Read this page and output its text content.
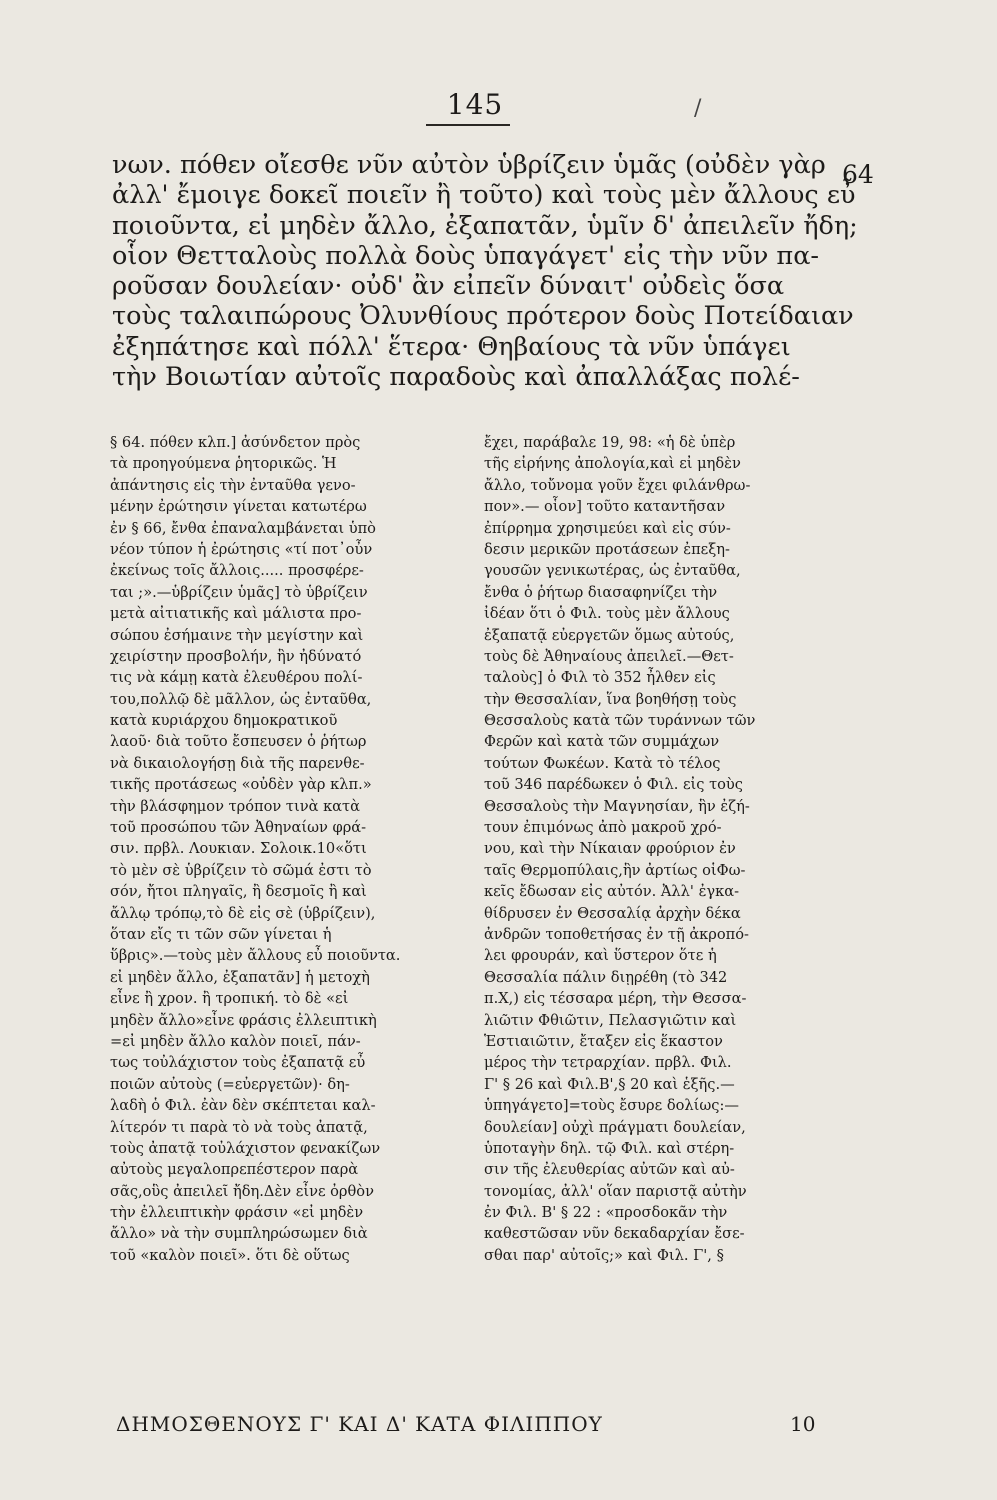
145	/
νων. πόθεν οἴεσθε νῦν αὐτὸν ὑβρίζειν ὑμᾶς (οὐδὲν γὰρ
ἀλλ' ἔμοιγε δοκεῖ ποιεῖν ἢ τοῦτο) καὶ τοὺς μὲν ἄλλους εὖ
ποιοῦντα, εἰ μηδὲν ἄλλο, ἐξαπατᾶν, ὑμῖν δ' ἀπειλεῖν ἤδη;
οἷον Θετταλοὺς πολλὰ δοὺς ὑπαγάγετ' εἰς τὴν νῦν πα-
ροῦσαν δουλείαν· οὐδ' ἂν εἰπεῖν δύναιτ' οὐδεὶς ὅσα
τοὺς ταλαιπώρους Ὀλυνθίους πρότερον δοὺς Ποτείδαιαν
ἐξηπάτησε καὶ πόλλ' ἕτερα· Θηβαίους τὰ νῦν ὑπάγει
τὴν Βοιωτίαν αὐτοῖς παραδοὺς καὶ ἀπαλλάξας πολέ-
64
§ 64. πόθεν κλπ.] ἀσύνδετον πρὸς
τὰ προηγούμενα ῥητορικῶς. Ἡ
ἀπάντησις εἰς τὴν ἐνταῦθα γενο-
μένην ἐρώτησιν γίνεται κατωτέρω
ἐν § 66, ἔνθα ἐπαναλαμβάνεται ὑπὸ
νέον τύπον ἡ ἐρώτησις «τί ποτ᾽οὖν
ἐκείνως τοῖς ἄλλοις..... προσφέρε-
ται ;».—ὑβρίζειν ὑμᾶς] τὸ ὑβρίζειν
μετὰ αἰτιατικῆς καὶ μάλιστα προ-
σώπου ἐσήμαινε τὴν μεγίστην καὶ
χειρίστην προσβολήν, ἣν ἠδύνατό
τις νὰ κάμῃ κατὰ ἐλευθέρου πολί-
του,πολλῷ δὲ μᾶλλον, ὡς ἐνταῦθα,
κατὰ κυριάρχου δημοκρατικοῦ
λαοῦ· διὰ τοῦτο ἔσπευσεν ὁ ῥήτωρ
νὰ δικαιολογήσῃ διὰ τῆς παρενθε-
τικῆς προτάσεως «οὐδὲν γὰρ κλπ.»
τὴν βλάσφημον τρόπον τινὰ κατὰ
τοῦ προσώπου τῶν Ἀθηναίων φρά-
σιν. πρβλ. Λουκιαν. Σολοικ.10«ὅτι
τὸ μὲν σὲ ὑβρίζειν τὸ σῶμά ἐστι τὸ
σόν, ἤτοι πληγαῖς, ἢ δεσμοῖς ἢ καὶ
ἄλλῳ τρόπῳ,τὸ δὲ εἰς σὲ (ὑβρίζειν),
ὅταν εἴς τι τῶν σῶν γίνεται ἡ
ὕβρις».—τοὺς μὲν ἄλλους εὖ ποιοῦντα.
εἰ μηδὲν ἄλλο, ἐξαπατᾶν] ἡ μετοχὴ
εἶνε ἢ χρον. ἢ τροπική. τὸ δὲ «εἰ
μηδὲν ἄλλο»εἶνε φράσις ἐλλειπτικὴ
=εἰ μηδὲν ἄλλο καλὸν ποιεῖ, πάν-
τως τοὐλάχιστον τοὺς ἐξαπατᾷ εὖ
ποιῶν αὐτοὺς (=εὐεργετῶν)· δη-
λαδὴ ὁ Φιλ. ἐὰν δὲν σκέπτεται καλ-
λίτερόν τι παρὰ τὸ νὰ τοὺς ἀπατᾷ,
τοὺς ἀπατᾷ τοὐλάχιστον φενακίζων
αὐτοὺς μεγαλοπρεπέστερον παρὰ
σᾶς,οὓς ἀπειλεῖ ἤδη.Δὲν εἶνε ὀρθὸν
τὴν ἐλλειπτικὴν φράσιν «εἰ μηδὲν
ἄλλο» νὰ τὴν συμπληρώσωμεν διὰ
τοῦ «καλὸν ποιεῖ». ὅτι δὲ οὕτως
ἔχει, παράβαλε 19, 98: «ἡ δὲ ὑπὲρ
τῆς εἰρήνης ἀπολογία,καὶ εἰ μηδὲν
ἄλλο, τοὔνομα γοῦν ἔχει φιλάνθρω-
πον».— οἷον] τοῦτο καταντῆσαν
ἐπίρρημα χρησιμεύει καὶ εἰς σύν-
δεσιν μερικῶν προτάσεων ἐπεξη-
γουσῶν γενικωτέρας, ὡς ἐνταῦθα,
ἔνθα ὁ ῥήτωρ διασαφηνίζει τὴν
ἰδέαν ὅτι ὁ Φιλ. τοὺς μὲν ἄλλους
ἐξαπατᾷ εὐεργετῶν ὅμως αὐτούς,
τοὺς δὲ Ἀθηναίους ἀπειλεῖ.—Θετ-
ταλοὺς] ὁ Φιλ τὸ 352 ἦλθεν εἰς
τὴν Θεσσαλίαν, ἵνα βοηθήσῃ τοὺς
Θεσσαλοὺς κατὰ τῶν τυράννων τῶν
Φερῶν καὶ κατὰ τῶν συμμάχων
τούτων Φωκέων. Κατὰ τὸ τέλος
τοῦ 346 παρέδωκεν ὁ Φιλ. εἰς τοὺς
Θεσσαλοὺς τὴν Μαγνησίαν, ἣν ἐζή-
τουν ἐπιμόνως ἀπὸ μακροῦ χρό-
νου, καὶ τὴν Νίκαιαν φρούριον ἐν
ταῖς Θερμοπύλαις,ἣν ἀρτίως οἱΦω-
κεῖς ἔδωσαν εἰς αὐτόν. Ἀλλ' ἐγκα-
θίδρυσεν ἐν Θεσσαλίᾳ ἀρχὴν δέκα
ἀνδρῶν τοποθετήσας ἐν τῇ ἀκροπό-
λει φρουράν, καὶ ὕστερον ὅτε ἡ
Θεσσαλία πάλιν διῃρέθη (τὸ 342
π.Χ,) εἰς τέσσαρα μέρη, τὴν Θεσσα-
λιῶτιν Φθιῶτιν, Πελασγιῶτιν καὶ
Ἑστιαιῶτιν, ἔταξεν εἰς ἕκαστον
μέρος τὴν τετραρχίαν. πρβλ. Φιλ.
Γ' § 26 καὶ Φιλ.Β',§ 20 καὶ ἑξῆς.—
ὑπηγάγετο]=τοὺς ἔσυρε δολίως:—
δουλείαν] οὐχὶ πράγματι δουλείαν,
ὑποταγὴν δηλ. τῷ Φιλ. καὶ στέρη-
σιν τῆς ἐλευθερίας αὐτῶν καὶ αὐ-
τονομίας, ἀλλ' οἵαν παριστᾷ αὐτὴν
ἐν Φιλ. Β' § 22 : «προσδοκᾶν τὴν
καθεστῶσαν νῦν δεκαδαρχίαν ἔσε-
σθαι παρ' αὐτοῖς;» καὶ Φιλ. Γ', §
ΔΗΜΟΣΘΕΝΟΥΣ Γ' ΚΑΙ Δ' ΚΑΤΑ ΦΙΛΙΠΠΟΥ	10
